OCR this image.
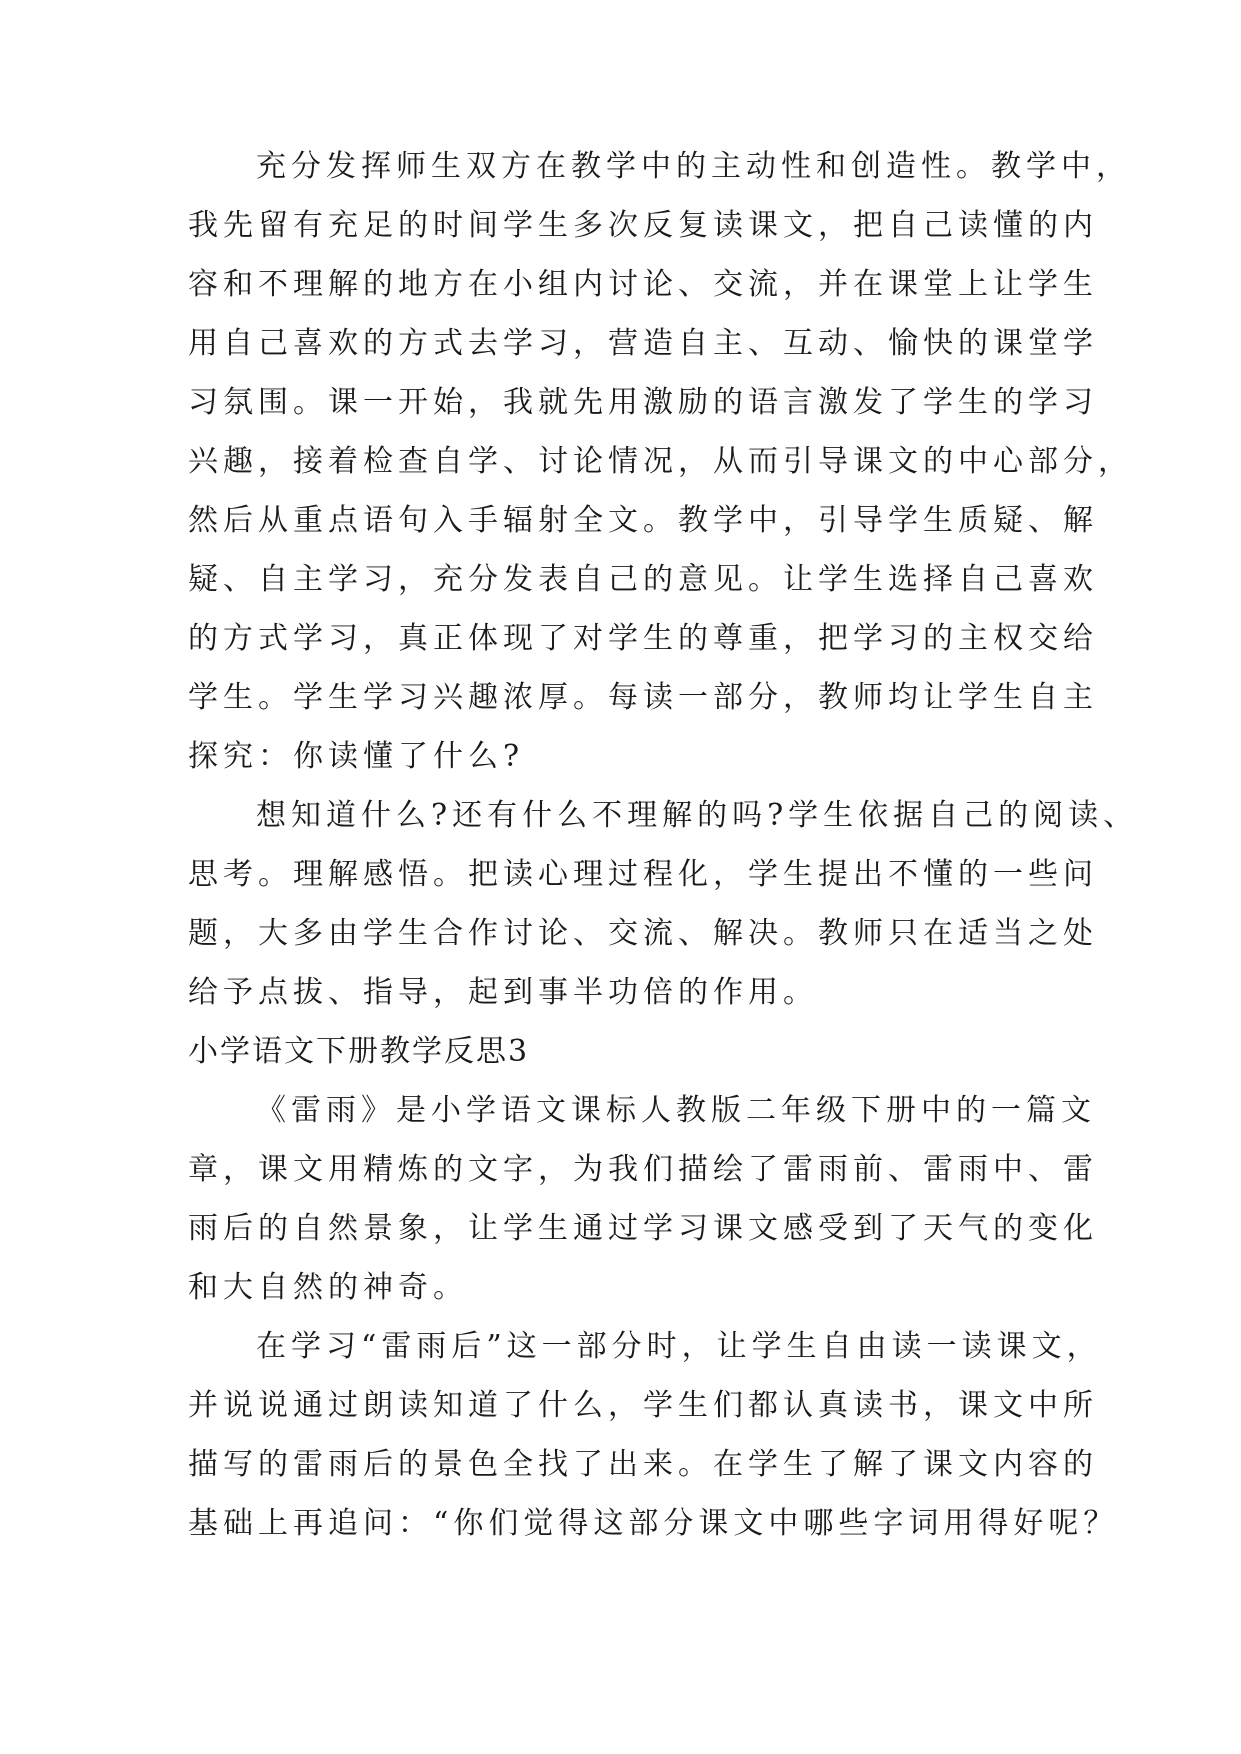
充分发挥师生双方在教学中的主动性和创造性。教学中，
我先留有充足的时间学生多次反复读课文，把自己读懂的内
容和不理解的地方在小组内讨论、交流，并在课堂上让学生
用自己喜欢的方式去学习，营造自主、互动、愉快的课堂学
习氛围。课一开始，我就先用激励的语言激发了学生的学习
兴趣，接着检查自学、讨论情况，从而引导课文的中心部分，
然后从重点语句入手辐射全文。教学中，引导学生质疑、解
疑、自主学习，充分发表自己的意见。让学生选择自己喜欢
的方式学习，真正体现了对学生的尊重，把学习的主权交给
学生。学生学习兴趣浓厚。每读一部分，教师均让学生自主
探究：你读懂了什么?
想知道什么?还有什么不理解的吗?学生依据自己的阅读、
思考。理解感悟。把读心理过程化，学生提出不懂的一些问
题，大多由学生合作讨论、交流、解决。教师只在适当之处
给予点拔、指导，起到事半功倍的作用。
小学语文下册教学反思3
《雷雨》是小学语文课标人教版二年级下册中的一篇文
章，课文用精炼的文字，为我们描绘了雷雨前、雷雨中、雷
雨后的自然景象，让学生通过学习课文感受到了天气的变化
和大自然的神奇。
在学习“雷雨后”这一部分时，让学生自由读一读课文，
并说说通过朗读知道了什么，学生们都认真读书，课文中所
描写的雷雨后的景色全找了出来。在学生了解了课文内容的
基础上再追问：“你们觉得这部分课文中哪些字词用得好呢？
